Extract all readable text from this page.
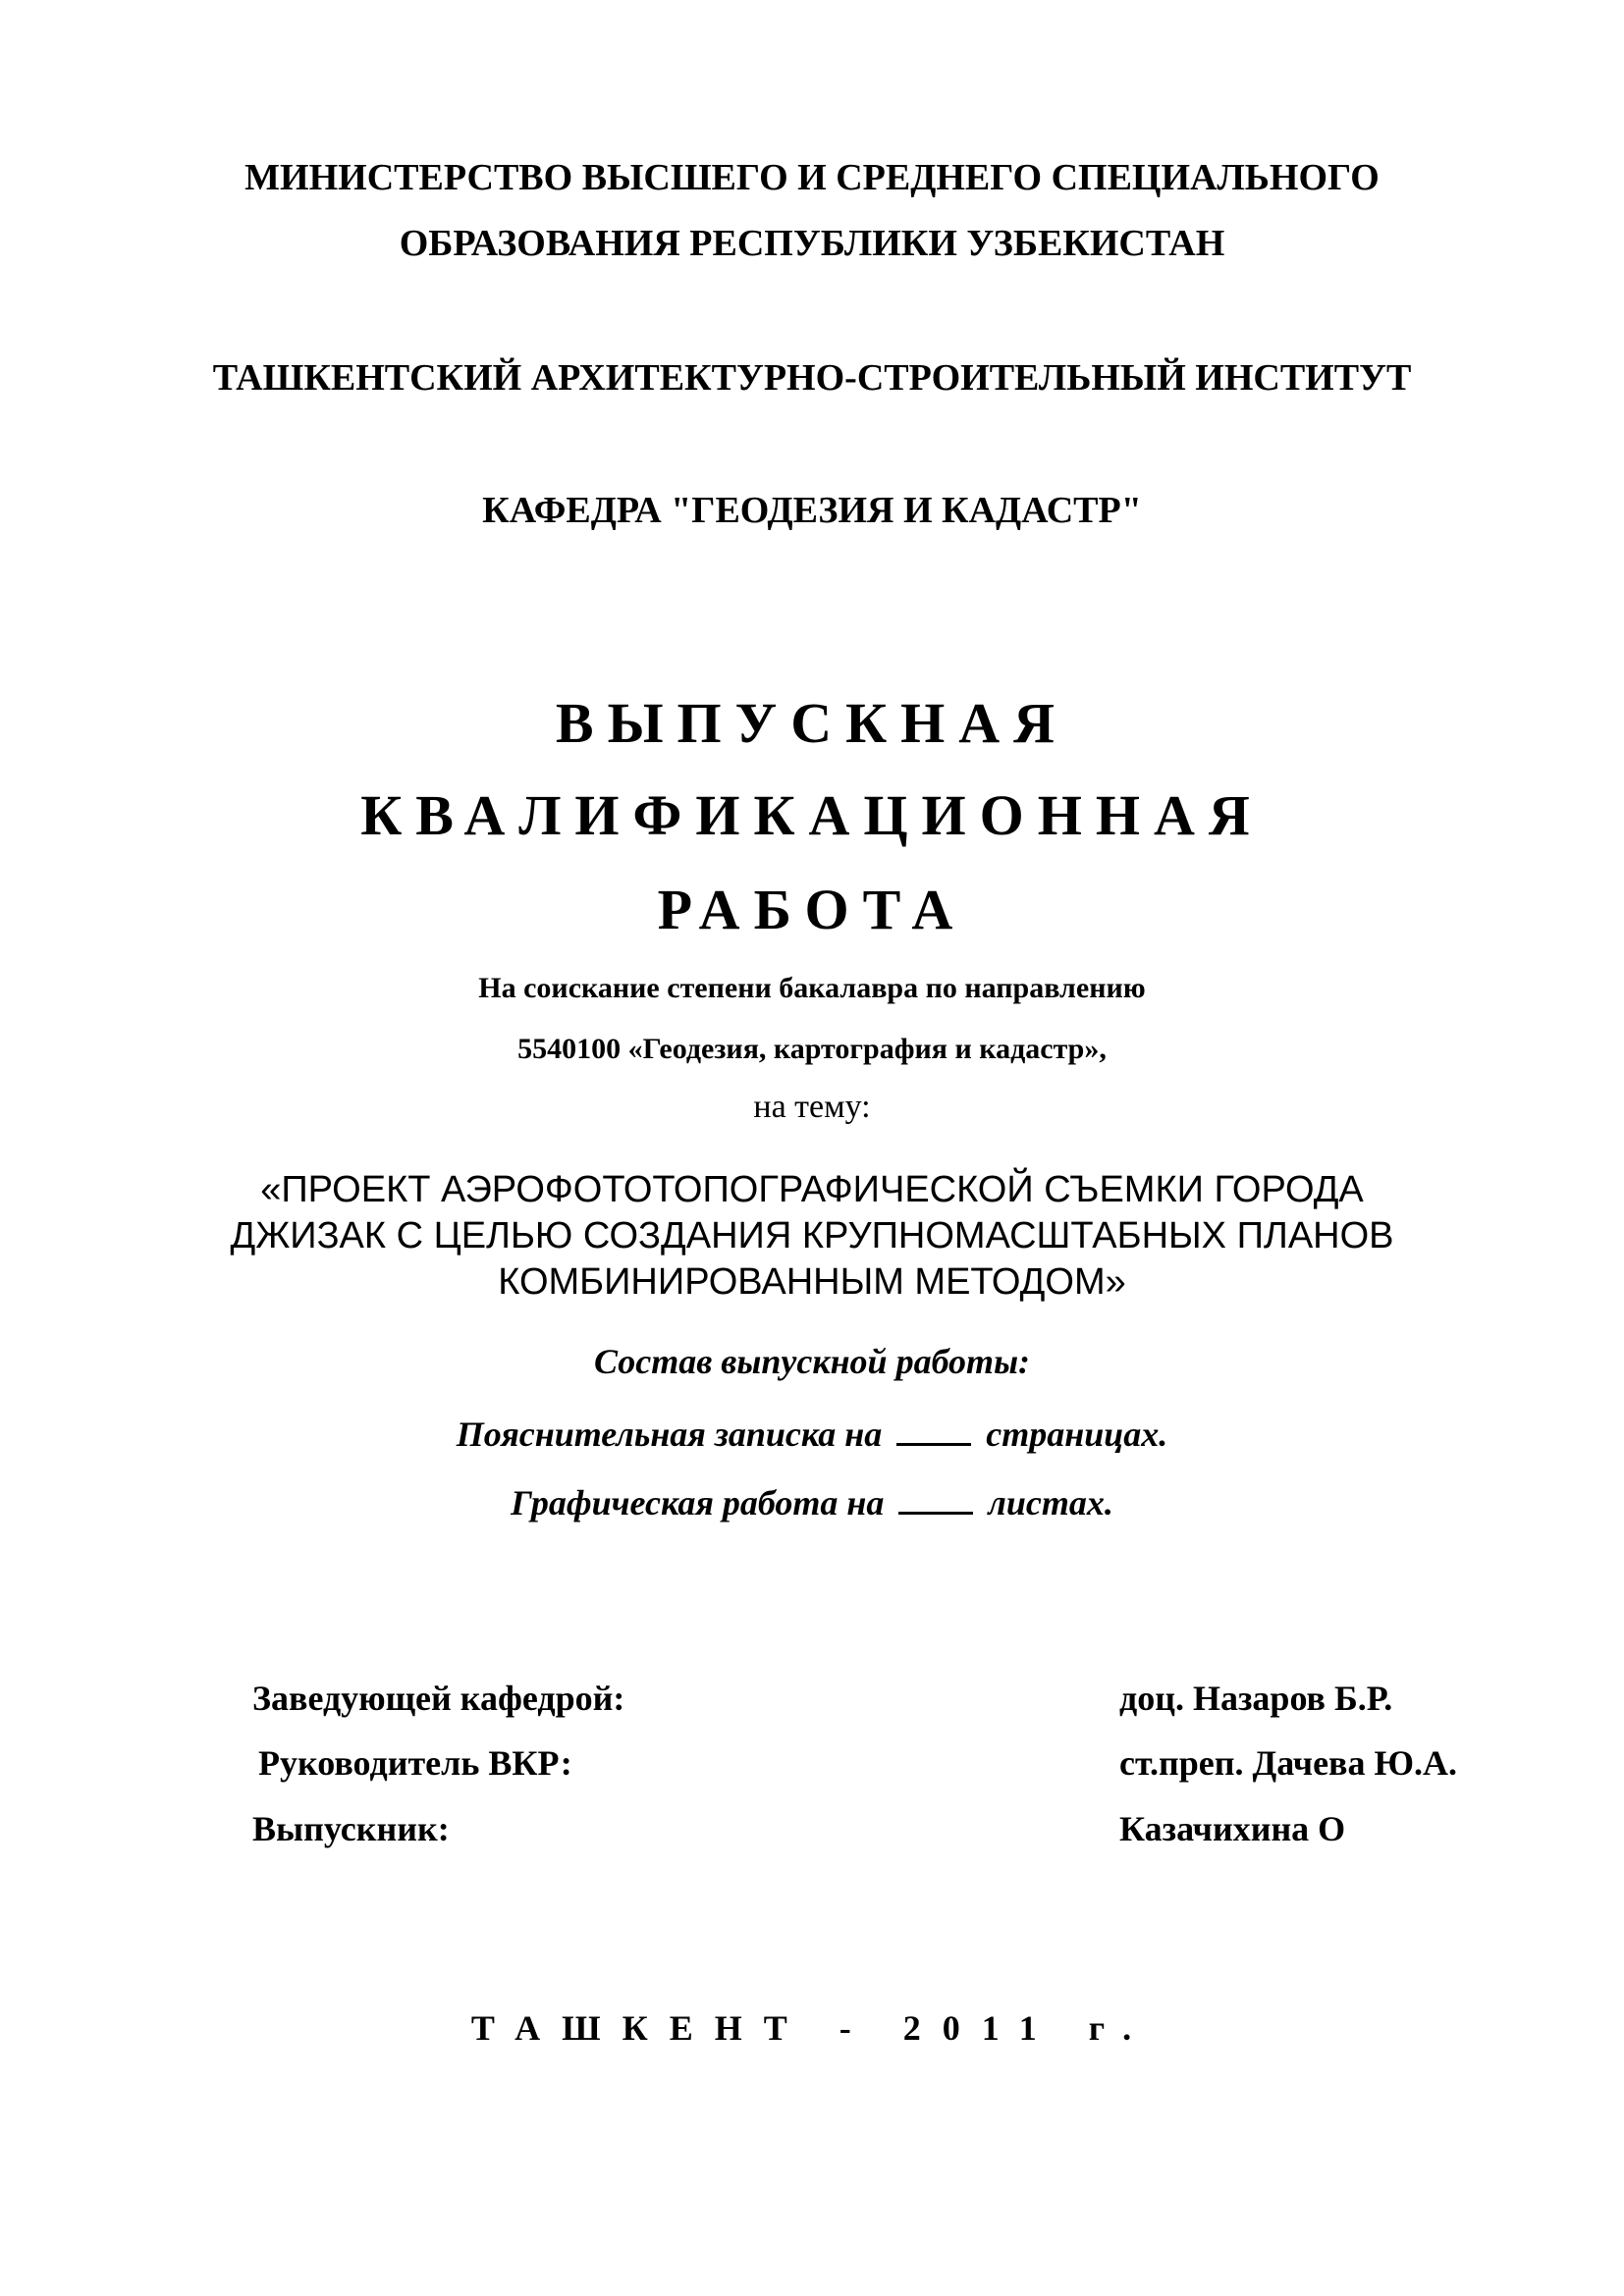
МИНИСТЕРСТВО ВЫСШЕГО И СРЕДНЕГО СПЕЦИАЛЬНОГО
ОБРАЗОВАНИЯ РЕСПУБЛИКИ УЗБЕКИСТАН
ТАШКЕНТСКИЙ АРХИТЕКТУРНО-СТРОИТЕЛЬНЫЙ ИНСТИТУТ
КАФЕДРА "ГЕОДЕЗИЯ И КАДАСТР"
ВЫПУСКНАЯ
КВАЛИФИКАЦИОННАЯ
РАБОТА
На соискание степени бакалавра по направлению
5540100 «Геодезия, картография и кадастр»,
на тему:
«ПРОЕКТ АЭРОФОТОТОПОГРАФИЧЕСКОЙ СЪЕМКИ ГОРОДА
ДЖИЗАК С ЦЕЛЬЮ СОЗДАНИЯ КРУПНОМАСШТАБНЫХ ПЛАНОВ
КОМБИНИРОВАННЫМ МЕТОДОМ»
Состав выпускной работы:
Пояснительная записка на	страницах.
Графическая работа на	листах.
Заведующей кафедрой:	доц. Назаров Б.Р.
Руководитель ВКР:	ст.преп. Дачева Ю.А.
Выпускник:	Казачихина О
ТАШКЕНТ - 2011 г.
